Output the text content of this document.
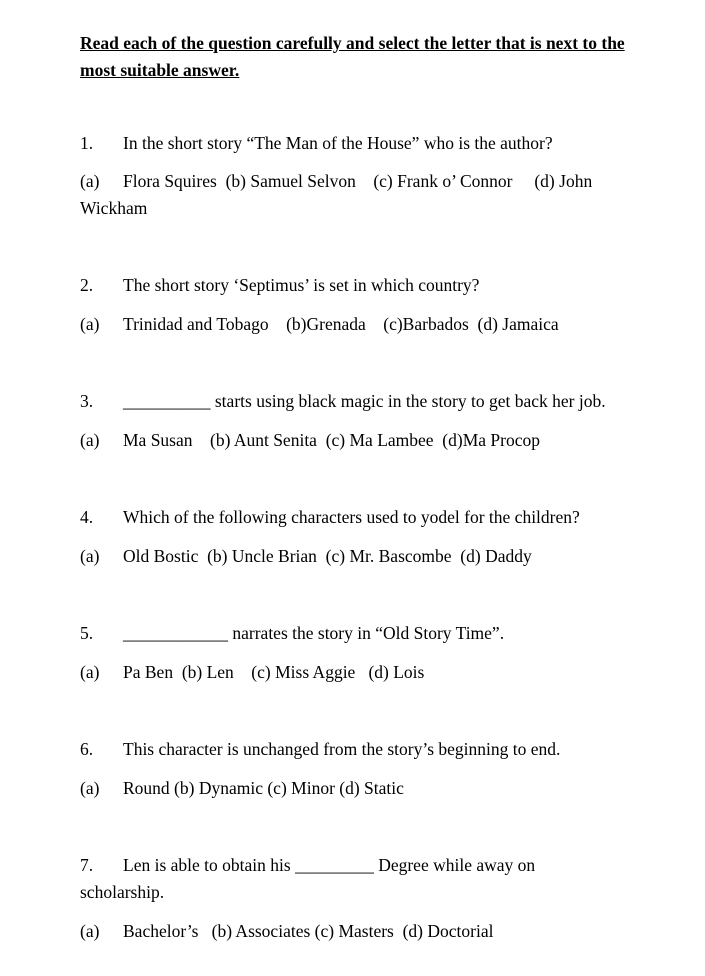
Read each of the question carefully and select the letter that is next to the most suitable answer.
1. In the short story “The Man of the House” who is the author?
(a) Flora Squires  (b) Samuel Selvon    (c) Frank o’ Connor     (d) John
Wickham
2. The short story ‘Septimus’ is set in which country?
(a) Trinidad and Tobago    (b)Grenada    (c)Barbados  (d) Jamaica
3. __________ starts using black magic in the story to get back her job.
(a) Ma Susan    (b) Aunt Senita  (c) Ma Lambee  (d)Ma Procop
4. Which of the following characters used to yodel for the children?
(a) Old Bostic  (b) Uncle Brian  (c) Mr. Bascombe  (d) Daddy
5. ____________ narrates the story in “Old Story Time”.
(a) Pa Ben  (b) Len    (c) Miss Aggie   (d) Lois
6. This character is unchanged from the story’s beginning to end.
(a) Round (b) Dynamic (c) Minor (d) Static
7. Len is able to obtain his _________ Degree while away on
scholarship.
(a) Bachelor’s   (b) Associates (c) Masters  (d) Doctorial
